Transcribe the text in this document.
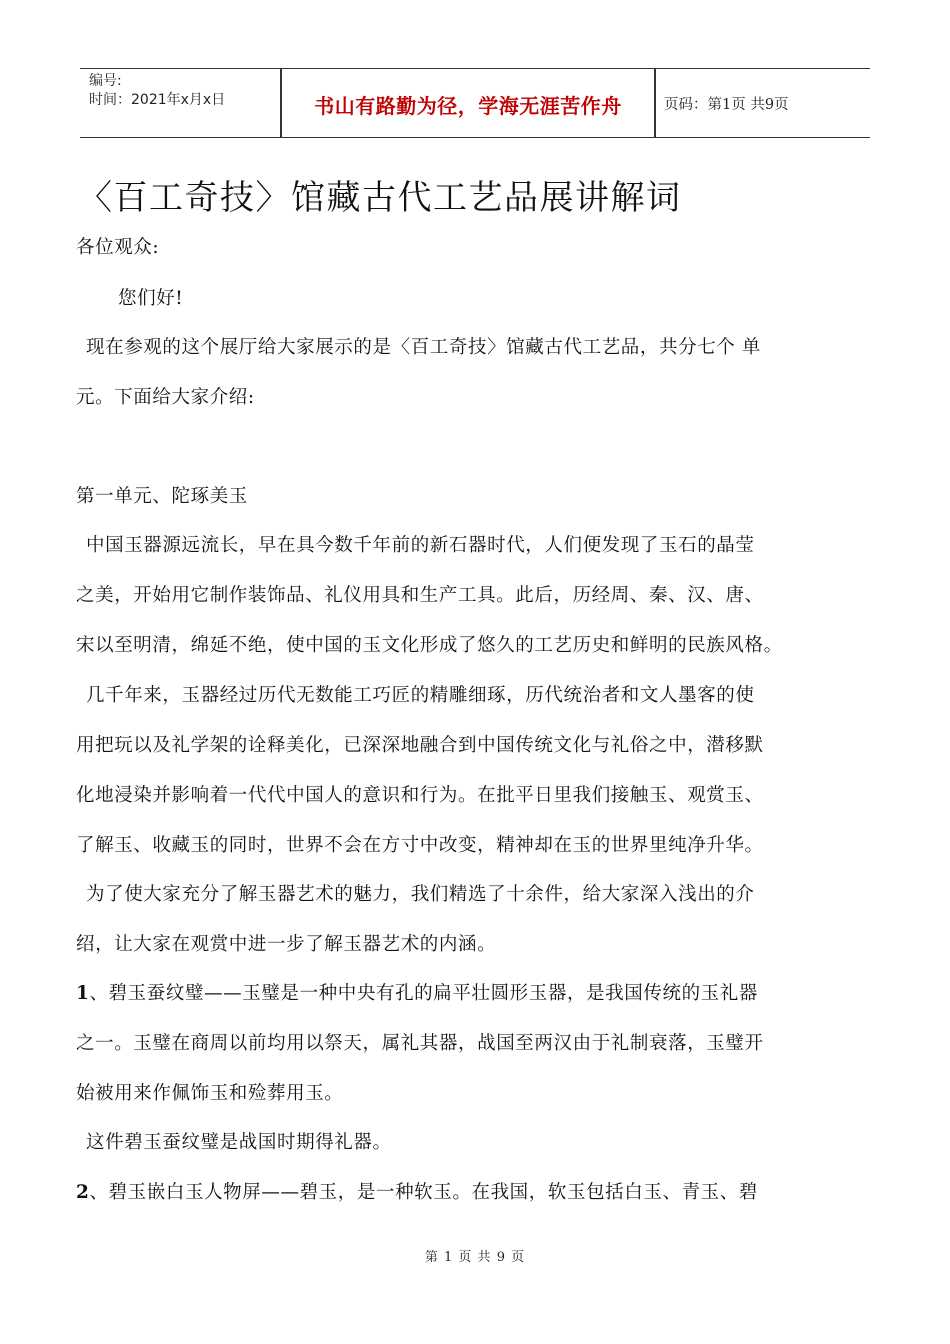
编号:
时间：2021年x月x日	书山有路勤为径，学海无涯苦作舟	页码：第1页 共9页
〈百工奇技〉馆藏古代工艺品展讲解词
各位观众:
您们好!
现在参观的这个展厅给大家展示的是〈百工奇技〉馆藏古代工艺品，共分七个 单
元。下面给大家介绍:
第一单元、陀琢美玉
中国玉器源远流长，早在具今数千年前的新石器时代，人们便发现了玉石的晶莹
之美，开始用它制作装饰品、礼仪用具和生产工具。此后，历经周、秦、汉、唐、
宋以至明清，绵延不绝，使中国的玉文化形成了悠久的工艺历史和鲜明的民族风格。
几千年来，玉器经过历代无数能工巧匠的精雕细琢，历代统治者和文人墨客的使
用把玩以及礼学架的诠释美化，已深深地融合到中国传统文化与礼俗之中，潜移默
化地浸染并影响着一代代中国人的意识和行为。在批平日里我们接触玉、观赏玉、
了解玉、收藏玉的同时，世界不会在方寸中改变，精神却在玉的世界里纯净升华。
为了使大家充分了解玉器艺术的魅力，我们精选了十余件，给大家深入浅出的介
绍，让大家在观赏中进一步了解玉器艺术的内涵。
1、碧玉蚕纹璧——玉璧是一种中央有孔的扁平壮圆形玉器，是我国传统的玉礼器
之一。玉璧在商周以前均用以祭天，属礼其器，战国至两汉由于礼制衰落，玉璧开
始被用来作佩饰玉和殓葬用玉。
这件碧玉蚕纹璧是战国时期得礼器。
2、碧玉嵌白玉人物屏——碧玉，是一种软玉。在我国，软玉包括白玉、青玉、碧
第 1 页 共 9 页
